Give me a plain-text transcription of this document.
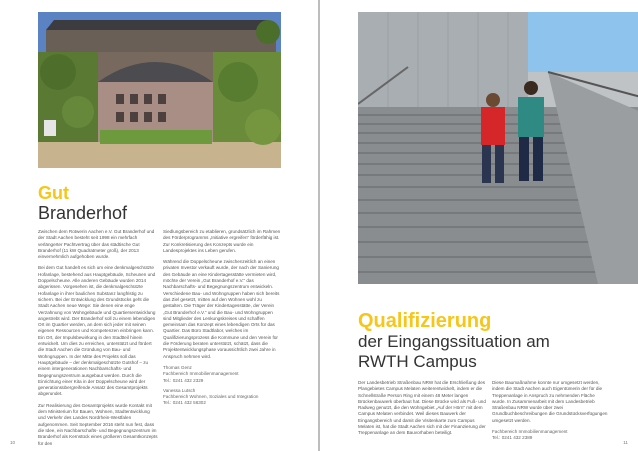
Gut
Branderhof

Zwischen dem Rotwerin Aachen e.V. Gut Branderhof und der Stadt Aachen besteht seit 1998 ein mehrfach verlängerter Pachtvertrag über das städtische Gut Branderhof (11 kW Quadratmeter groß), der 2013 einvernehmlich aufgehoben wurde.

Bei dem Gut handelt es sich um eine denkmalgeschützte Hofanlage, bestehend aus Hauptgebäude, Scheunen und Doppelscheune. Alle anderen Gebäude wurden 2014 abgerissen. Vorgesehen ist, die denkmalgeschützte Hofanlage in ihrer baulichen Substanz langfristig zu sichern. Bei der Entwicklung des Grundstücks geht die Stadt Aachen neue Wege: Sie denen eine enge Verzahnung von Wohngebäude und Quartiersentwicklung angestrebt wird. Der Branderhof soll zu einem lebendigen Ort im Quartier werden, an dem sich jeder mit seinen eigenen Ressourcen und Kompetenzen einbringen kann. Ein Ort, der Impulsbewirkung in den Stadtteil hinein entwickelt. Um dies zu erreichen, unterstützt und fördert die Stadt Aachen die Gründung von Bau- und Wohngruppen. In der Mitte des Projekts soll das Hauptgebäude – der denkmalgeschützte Gutshof – zu einem intergenerationen Nachbarschafts- und Begegnungszentrum ausgebaut werden. Durch die Einrichtung einer Kita in der Doppelscheune wird der generationsübergreifende Ansatz des Gesamtprojekts abgerundet.

Zur Realisierung des Gesamtprojekts wurde Kontakt mit dem Ministerium für Bauen, Wohnen, Stadtentwicklung und Verkehr des Landes Nordrhein-Westfalen aufgenommen. Seit September 2016 steht nun fest, dass die Idee, ein Nachbarschafts- und Begegnungszentrum im Branderhof als Kernstück eines größeren Gesamtkonzepts für den

Siedlungsbereich zu etablieren, grundsätzlich im Rahmen des Förderprogramms „Initiative ergreifen“ förderfähig ist. Zur Konkretisierung des Konzepts wurde ein Landesprojektes ins Leben gerufen.

Während die Doppelscheune zwischenzeitlich an einen privaten Investor verkauft wurde, der nach der Sanierung des Gebäude an eine Kindertagesstätte vermieten wird, möchte der Verein „Gut Branderhof e.V.“ das Nachbarschafts- und Begegnungszentrum entwickeln. Verschiedene Bau- und Wohngruppen haben sich bereits das Ziel gesetzt, mitten auf den Wohnen wohl zu gestalten. Die Träger der Kindertagesstätte, der Verein „Gut Branderhof e.V.“ und die Bau- und Wohngruppen sind Mitglieder des Lenkungskreises und schaffen gemeinsam das Konzept eines lebendigen Orts für das Quartier. Das Büro Stadtlabor, welches im Qualifizierungsprozess die Kommune und den Verein für die Förderung beraten unterstützt, schätzt, dass die Projektentwicklungsphase voraussichtlich zwei Jahre in Anspruch nehmen wird.

Thomas Genz
Fachbereich Immobilienmanagement
Tel.: 0241 432 2329
Vanessa Lutsch
Fachbereich Wohnen, Soziales und Integration
Tel.: 0241 432 56302
10
Qualifizierung
der Eingangssituation am
RWTH Campus

Der Landesbetrieb Straßenbau NRW hat die Erschließung des Plangebietes Campus Melaten weiterentwickelt, indem er die Schnellstraße Person Ring mit einem 48 Meter langen Brückenbauwerk überbaut hat. Diese Brücke wird als Fuß- und Radweg genutzt, die den Wohngebiet „Auf der Hörn“ mit dem Campus Melaten verbindet. Weil dieses Bauwerk der Eingangsbereich und damit die Visitenkarte zum Campus Melaten ist, hat die Stadt Aachen sich mit der Finanzierung der Treppenanlage an dem Bauvorhaben beteiligt.

Diese Baumaßnahme konnte nur umgesetzt werden, indem die Stadt Aachen auch Eigentümerin der für die Treppenanlage in Anspruch zu nehmenden Fläche wurde. In Zusammenarbeit mit dem Landesbetrieb Straßenbau NRW wurde über zwei Grundbuchbeschreibungen die Grundstücksverfügungen umgesetzt werden.

Fachbereich Immobilienmanagement
Tel.: 0241 432 2389
11
